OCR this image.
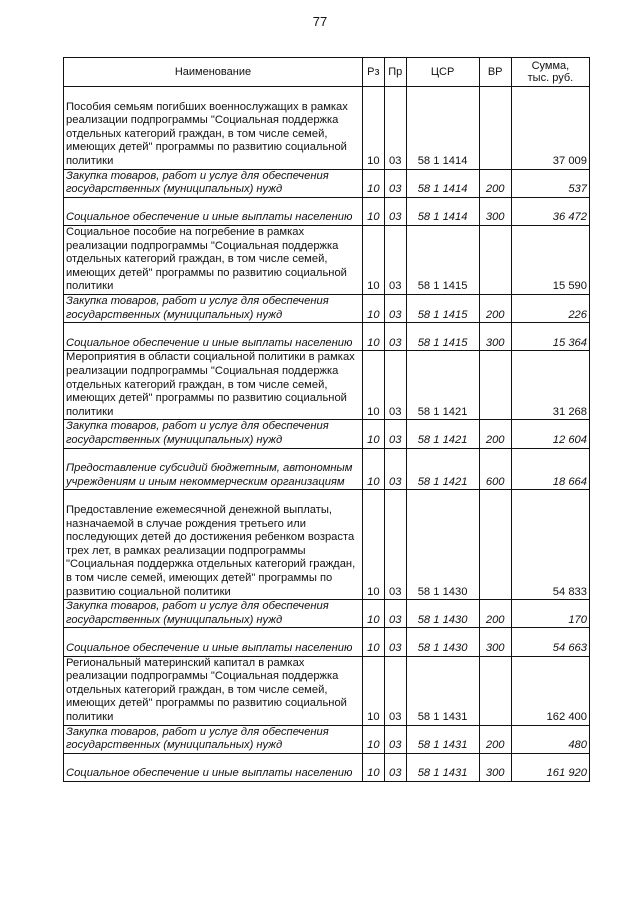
77
Наименование	Рз	Пр	ЦСР	ВР	Сумма,
тыс. руб.
Пособия семьям погибших военнослужащих в рамках реализации подпрограммы "Социальная поддержка отдельных категорий граждан, в том числе семей, имеющих детей" программы по развитию социальной политики	10	03	58 1 1414		37 009
Закупка товаров, работ и услуг для обеспечения государственных (муниципальных) нужд	10	03	58 1 1414	200	537
Социальное обеспечение и иные выплаты населению	10	03	58 1 1414	300	36 472
Социальное пособие на погребение в рамках реализации подпрограммы "Социальная поддержка отдельных категорий граждан, в том числе семей, имеющих детей" программы по развитию социальной политики	10	03	58 1 1415		15 590
Закупка товаров, работ и услуг для обеспечения государственных (муниципальных) нужд	10	03	58 1 1415	200	226
Социальное обеспечение и иные выплаты населению	10	03	58 1 1415	300	15 364
Мероприятия в области социальной политики в рамках реализации подпрограммы "Социальная поддержка отдельных категорий граждан, в том числе семей, имеющих детей" программы по развитию социальной политики	10	03	58 1 1421		31 268
Закупка товаров, работ и услуг для обеспечения государственных (муниципальных) нужд	10	03	58 1 1421	200	12 604
Предоставление субсидий бюджетным, автономным учреждениям и иным некоммерческим организациям	10	03	58 1 1421	600	18 664
Предоставление ежемесячной денежной выплаты, назначаемой в случае рождения третьего или последующих детей до достижения ребенком возраста трех лет, в рамках реализации подпрограммы "Социальная поддержка отдельных категорий граждан, в том числе семей, имеющих детей" программы по развитию социальной политики	10	03	58 1 1430		54 833
Закупка товаров, работ и услуг для обеспечения государственных (муниципальных) нужд	10	03	58 1 1430	200	170
Социальное обеспечение и иные выплаты населению	10	03	58 1 1430	300	54 663
Региональный материнский капитал в рамках реализации подпрограммы "Социальная поддержка отдельных категорий граждан, в том числе семей, имеющих детей" программы по развитию социальной политики	10	03	58 1 1431		162 400
Закупка товаров, работ и услуг для обеспечения государственных (муниципальных) нужд	10	03	58 1 1431	200	480
Социальное обеспечение и иные выплаты населению	10	03	58 1 1431	300	161 920
